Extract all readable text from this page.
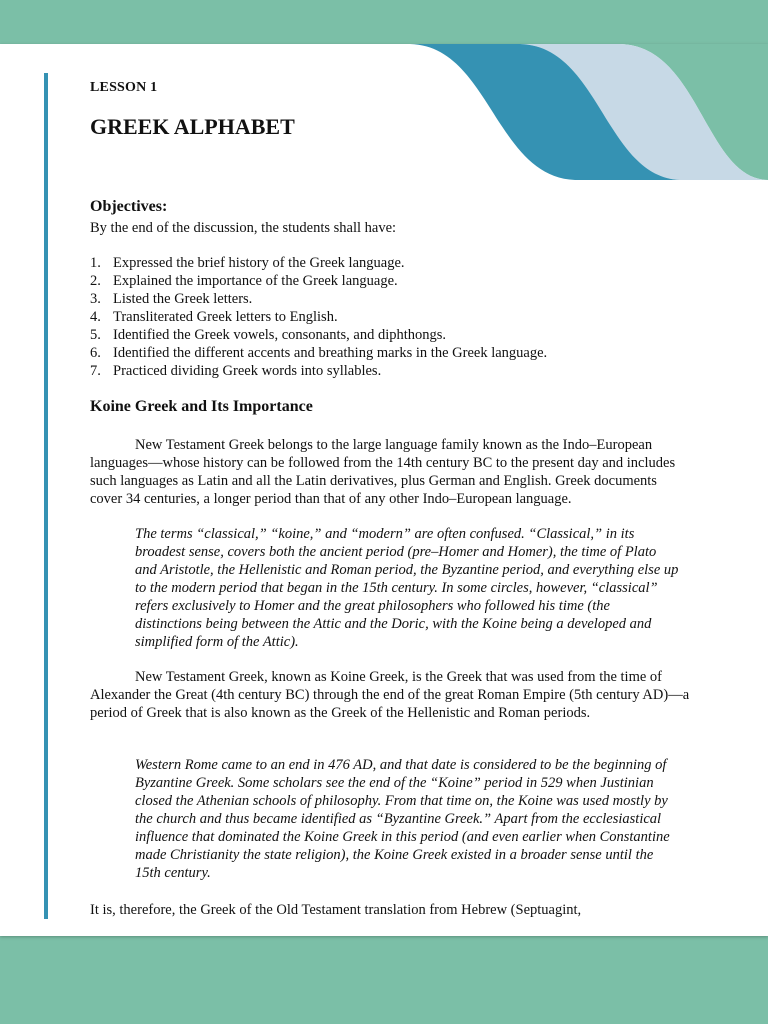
LESSON 1
GREEK ALPHABET
Objectives:

By the end of the discussion, the students shall have:

1. Expressed the brief history of the Greek language.
2. Explained the importance of the Greek language.
3. Listed the Greek letters.
4. Transliterated Greek letters to English.
5. Identified the Greek vowels, consonants, and diphthongs.
6. Identified the different accents and breathing marks in the Greek language.
7. Practiced dividing Greek words into syllables.
Koine Greek and Its Importance

New Testament Greek belongs to the large language family known as the Indo–European languages—whose history can be followed from the 14th century BC to the present day and includes such languages as Latin and all the Latin derivatives, plus German and English. Greek documents cover 34 centuries, a longer period than that of any other Indo–European language.

The terms “classical,” “koine,” and “modern” are often confused. “Classical,” in its broadest sense, covers both the ancient period (pre–Homer and Homer), the time of Plato and Aristotle, the Hellenistic and Roman period, the Byzantine period, and everything else up to the modern period that began in the 15th century. In some circles, however, “classical” refers exclusively to Homer and the great philosophers who followed his time (the distinctions being between the Attic and the Doric, with the Koine being a developed and simplified form of the Attic).

New Testament Greek, known as Koine Greek, is the Greek that was used from the time of Alexander the Great (4th century BC) through the end of the great Roman Empire (5th century AD)—a period of Greek that is also known as the Greek of the Hellenistic and Roman periods.

Western Rome came to an end in 476 AD, and that date is considered to be the beginning of Byzantine Greek. Some scholars see the end of the “Koine” period in 529 when Justinian closed the Athenian schools of philosophy. From that time on, the Koine was used mostly by the church and thus became identified as “Byzantine Greek.” Apart from the ecclesiastical influence that dominated the Koine Greek in this period (and even earlier when Constantine made Christianity the state religion), the Koine Greek existed in a broader sense until the 15th century.

It is, therefore, the Greek of the Old Testament translation from Hebrew (Septuagint,
